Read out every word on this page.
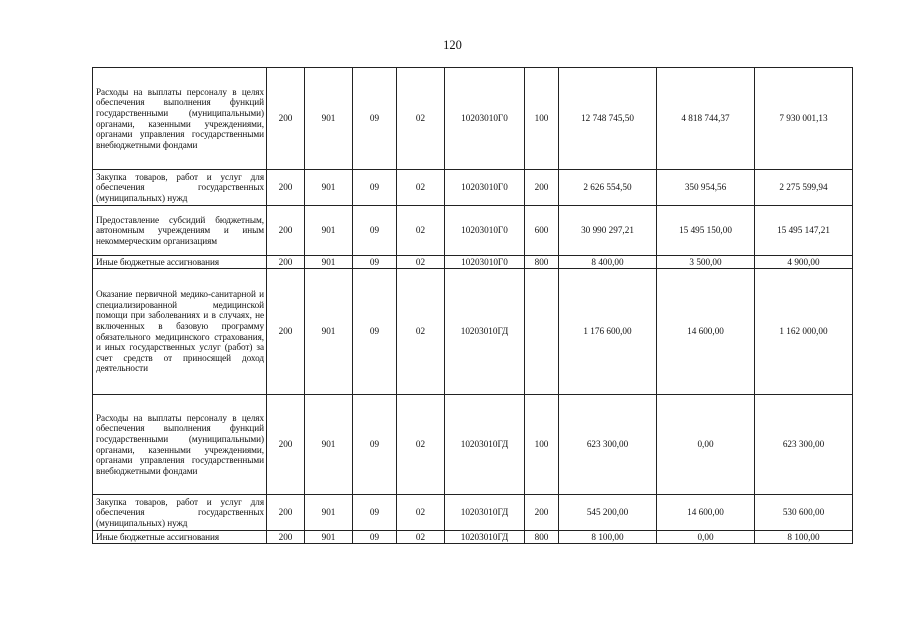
120
Расходы на выплаты персоналу в целях обеспечения выполнения функций государственными (муниципальными) органами, казенными учреждениями, органами управления государственными внебюджетными фондами	200	901	09	02	10203010Г0	100	12 748 745,50	4 818 744,37	7 930 001,13
Закупка товаров, работ и услуг для обеспечения государственных (муниципальных) нужд	200	901	09	02	10203010Г0	200	2 626 554,50	350 954,56	2 275 599,94
Предоставление субсидий бюджетным, автономным учреждениям и иным некоммерческим организациям	200	901	09	02	10203010Г0	600	30 990 297,21	15 495 150,00	15 495 147,21
Иные бюджетные ассигнования	200	901	09	02	10203010Г0	800	8 400,00	3 500,00	4 900,00
Оказание первичной медико-санитарной и специализированной медицинской помощи при заболеваниях и в случаях, не включенных в базовую программу обязательного медицинского страхования, и иных государственных услуг (работ) за счет средств от приносящей доход деятельности	200	901	09	02	10203010ГД		1 176 600,00	14 600,00	1 162 000,00
Расходы на выплаты персоналу в целях обеспечения выполнения функций государственными (муниципальными) органами, казенными учреждениями, органами управления государственными внебюджетными фондами	200	901	09	02	10203010ГД	100	623 300,00	0,00	623 300,00
Закупка товаров, работ и услуг для обеспечения государственных (муниципальных) нужд	200	901	09	02	10203010ГД	200	545 200,00	14 600,00	530 600,00
Иные бюджетные ассигнования	200	901	09	02	10203010ГД	800	8 100,00	0,00	8 100,00
